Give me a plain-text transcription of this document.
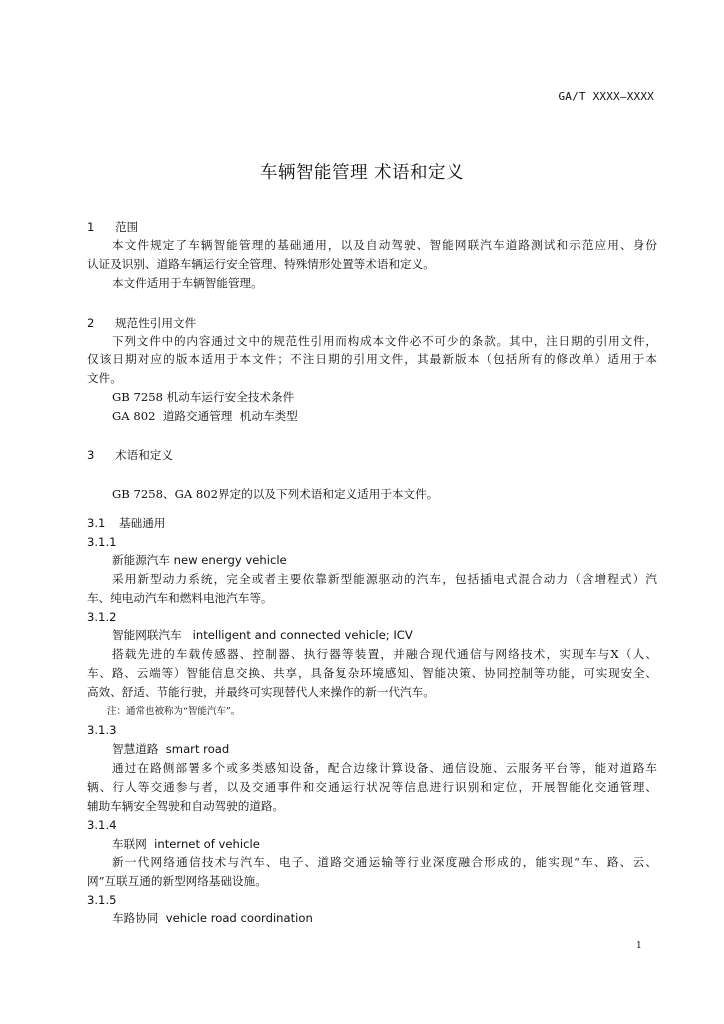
GA/T XXXX—XXXX
车辆智能管理 术语和定义
1 范围
本文件规定了车辆智能管理的基础通用，以及自动驾驶、智能网联汽车道路测试和示范应用、身份
认证及识别、道路车辆运行安全管理、特殊情形处置等术语和定义。
本文件适用于车辆智能管理。
2 规范性引用文件
下列文件中的内容通过文中的规范性引用而构成本文件必不可少的条款。其中，注日期的引用文件，
仅该日期对应的版本适用于本文件；不注日期的引用文件，其最新版本（包括所有的修改单）适用于本
文件。
GB 7258 机动车运行安全技术条件
GA 802  道路交通管理  机动车类型
3 术语和定义
GB 7258、GA 802界定的以及下列术语和定义适用于本文件。
3.1 基础通用
3.1.1
新能源汽车 new energy vehicle
采用新型动力系统，完全或者主要依靠新型能源驱动的汽车，包括插电式混合动力（含增程式）汽
车、纯电动汽车和燃料电池汽车等。
3.1.2
智能网联汽车   intelligent and connected vehicle; ICV
搭载先进的车载传感器、控制器、执行器等装置，并融合现代通信与网络技术，实现车与X（人、
车、路、云端等）智能信息交换、共享，具备复杂环境感知、智能决策、协同控制等功能，可实现安全、
高效、舒适、节能行驶，并最终可实现替代人来操作的新一代汽车。
注：通常也被称为“智能汽车”。
3.1.3
智慧道路  smart road
通过在路侧部署多个或多类感知设备，配合边缘计算设备、通信设施、云服务平台等，能对道路车
辆、行人等交通参与者，以及交通事件和交通运行状况等信息进行识别和定位，开展智能化交通管理、
辅助车辆安全驾驶和自动驾驶的道路。
3.1.4
车联网  internet of vehicle
新一代网络通信技术与汽车、电子、道路交通运输等行业深度融合形成的，能实现“车、路、云、
网”互联互通的新型网络基础设施。
3.1.5
车路协同  vehicle road coordination
1
